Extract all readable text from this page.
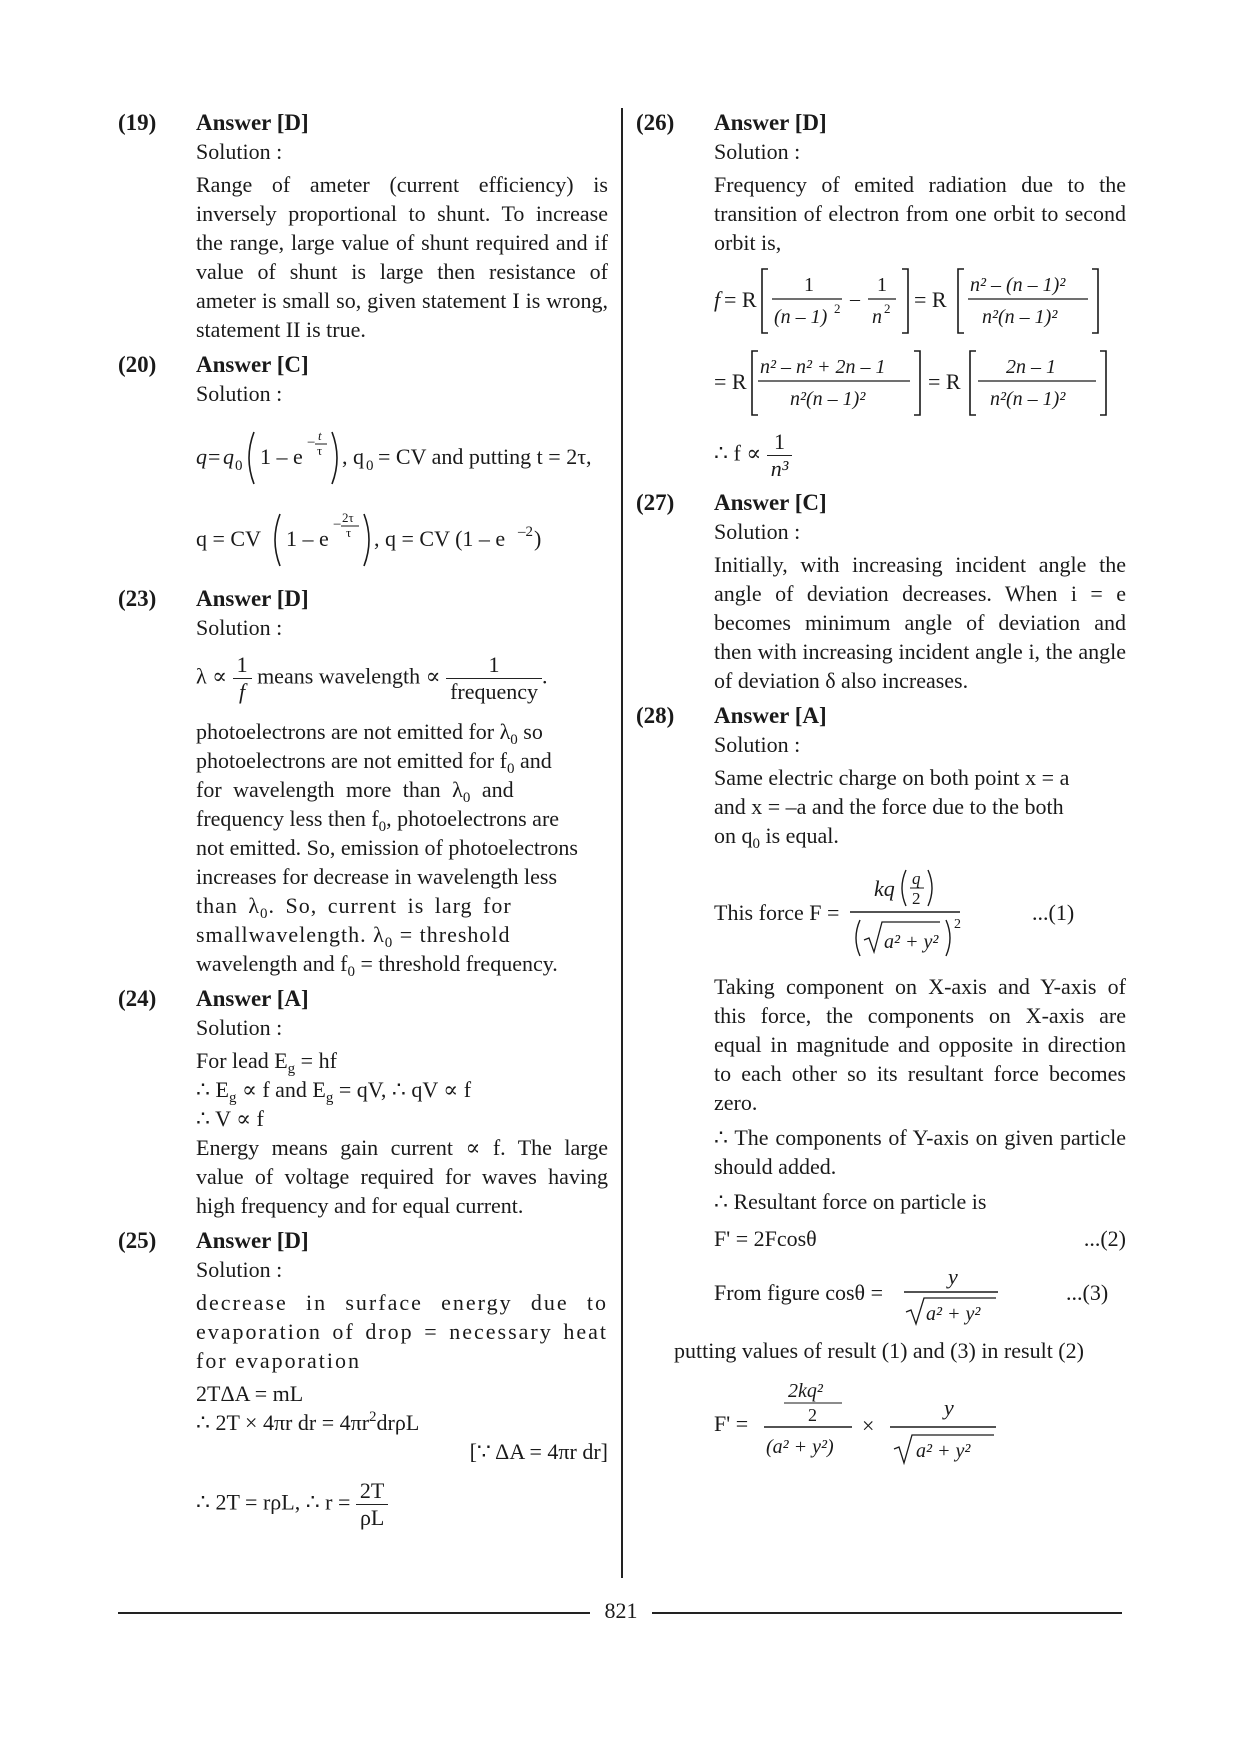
(19) Answer [D]
Solution :

Range of ameter (current efficiency) is inversely proportional to shunt. To increase the range, large value of shunt required and if value of shunt is large then resistance of ameter is small so, given statement I is wrong, statement II is true.

(20) Answer [C]
Solution :
q = q 0 1 – e
− t
τ , q 0 = CV and putting t = 2τ,
q = CV 1 – e
− 2τ
τ , q = CV (1 – e –2 )
(23) Answer [D]
Solution :
$\lambda \propto \frac{1}{f}$ means wavelength ∝ $\frac{1}{\text{frequency}}$ .
photoelectrons are not emitted for $\lambda_0$ so
photoelectrons are not emitted for $f_0$ and
for wavelength more than $\lambda_0$ and
frequency less then $f_0$, photoelectrons are
not emitted. So, emission of photoelectrons
increases for decrease in wavelength less
than $\lambda_0$. So, current is larg for
smallwavelength. $\lambda_0$ = threshold
wavelength and $f_0$ = threshold frequency.
(24) Answer [A]
Solution :
For lead $E_g$ = hf
∴ $E_g \propto f$ and $E_g$ = qV, ∴ qV ∝ f
∴ V ∝ f

Energy means gain current ∝ f. The large value of voltage required for waves having high frequency and for equal current.

(25) Answer [D]
Solution :

decrease in surface energy due to evaporation of drop = necessary heat for evaporation

2TΔA = mL
∴ 2T × 4πr dr = $4\pi r^2dr\rho L$
[∵ ΔA = 4πr dr]
∴ 2T = rρL, ∴ $r = \frac{2T}{\rho L}$
(26) Answer [D]
Solution :

Frequency of emited radiation due to the transition of electron from one orbit to second orbit is,

f = R
1
(n – 1) 2 –
1
n 2 = R
n² – (n – 1)²
n²(n – 1)²
= R
n² – n² + 2n – 1
n²(n – 1)²
= R
2n – 1
n²(n – 1)²
∴ $f \propto \frac{1}{\text{n³}}$
(27) Answer [C]
Solution :

Initially, with increasing incident angle the angle of deviation decreases. When i = e becomes minimum angle of deviation and then with increasing incident angle i, the angle of deviation δ also increases.

(28) Answer [A]
Solution :
Same electric charge on both point x = a
and x = –a and the force due to the both
on $q_0$ is equal.
This force F =
kq q
2
a² + y²
2	...(1)

Taking component on X-axis and Y-axis of this force, the components on X-axis are equal in magnitude and opposite in direction to each other so its resultant force becomes zero.

∴ The components of Y-axis on given particle should added.

∴ Resultant force on particle is

F' = 2Fcosθ	...(2)
From figure cosθ =
y
a² + y²
...(3)

putting values of result (1) and (3) in result (2)

F' =
2kq²
2
(a² + y²)
×
y
a² + y²
821
